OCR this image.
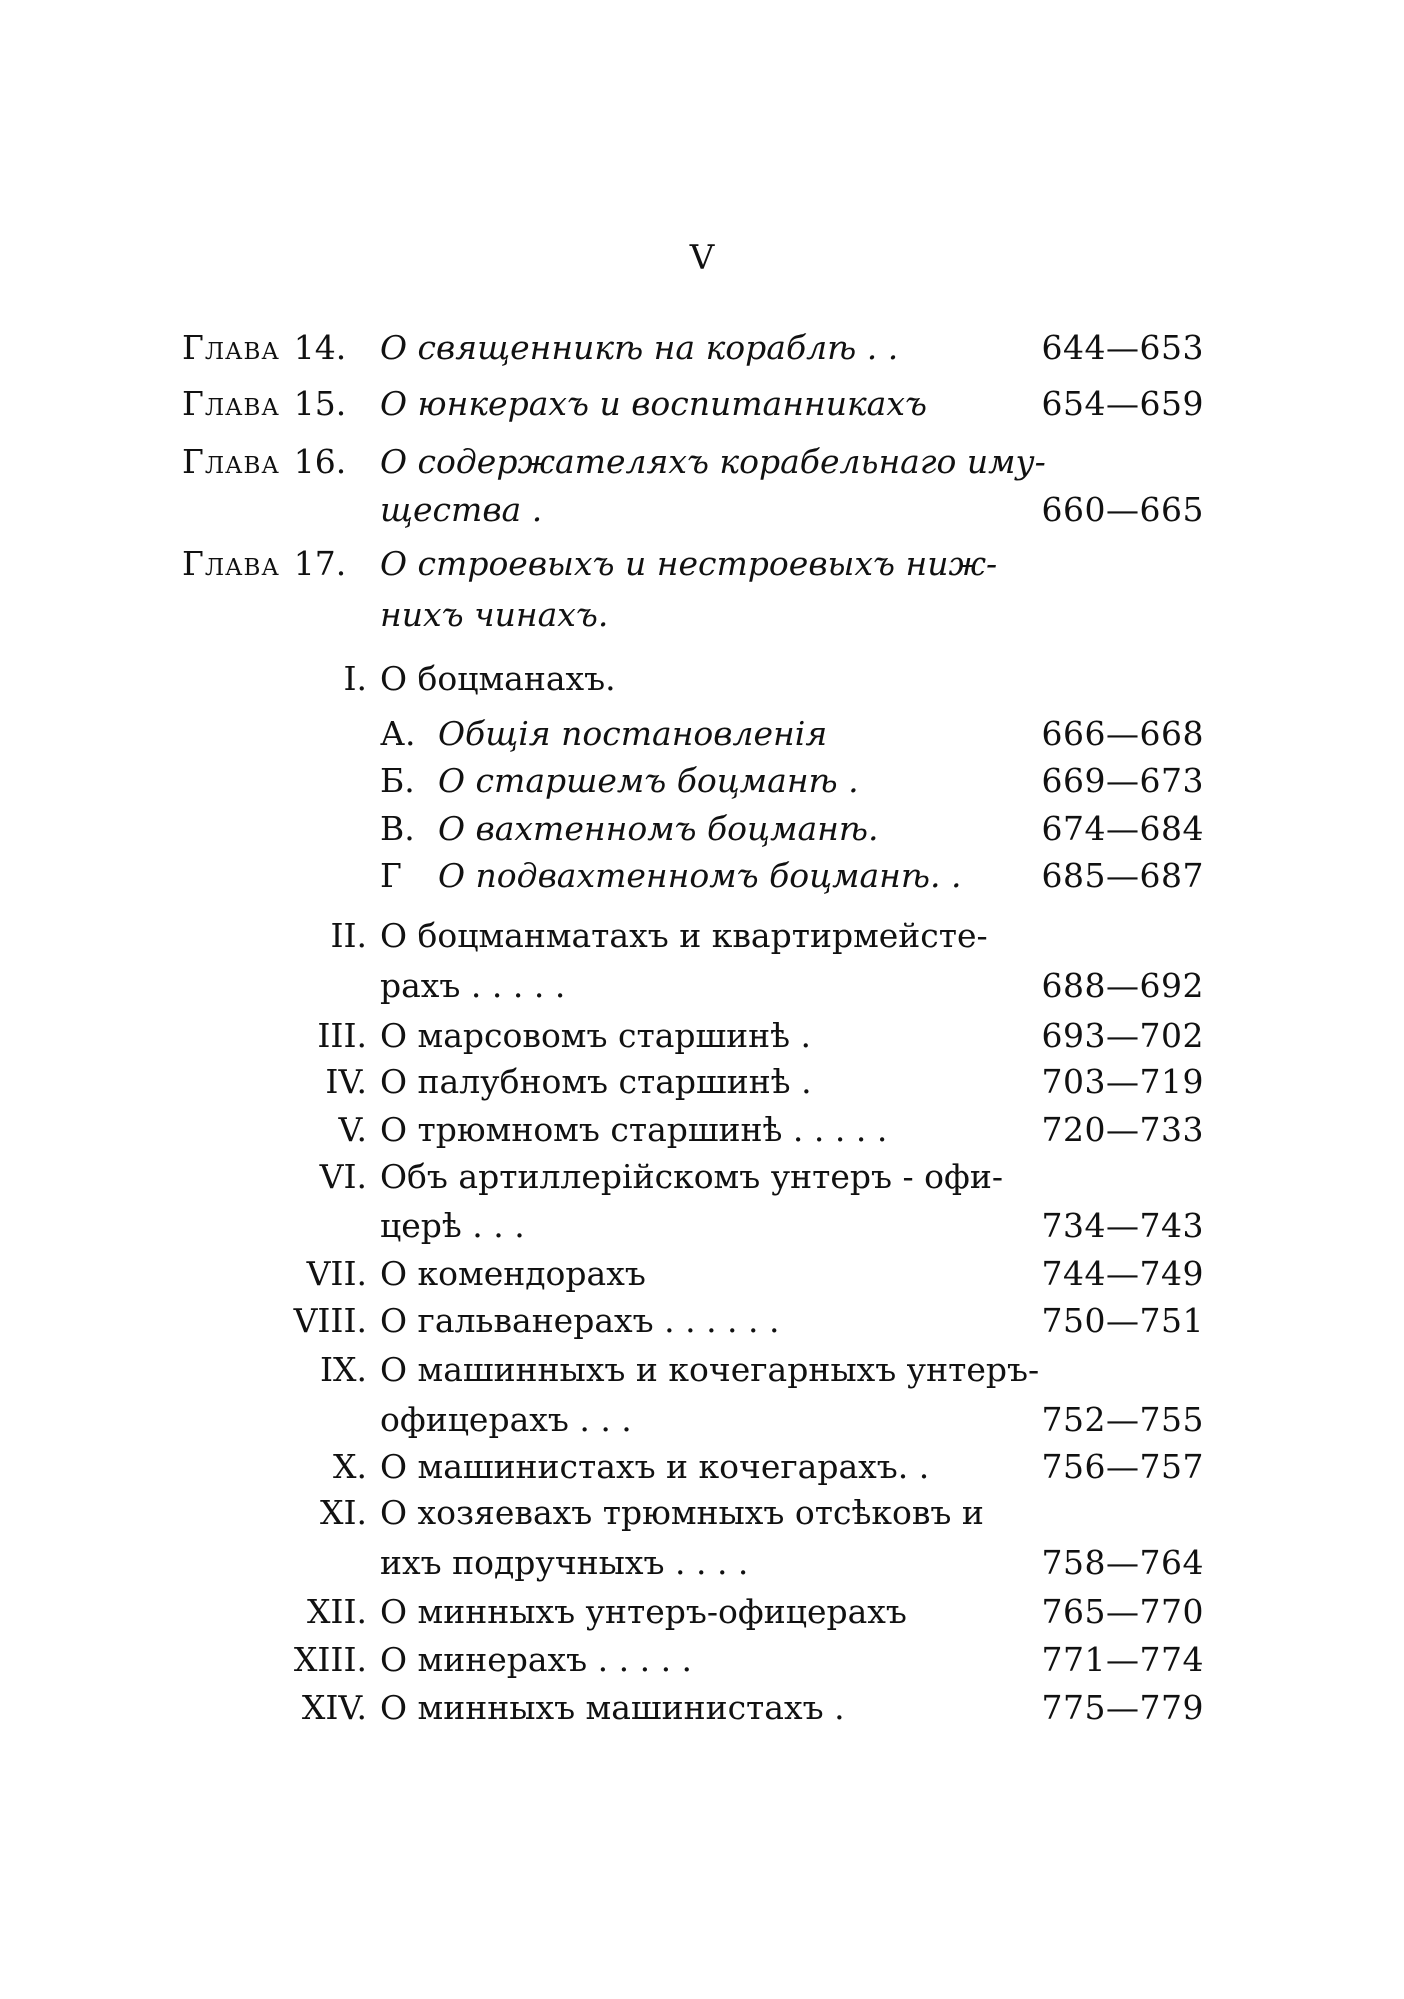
V
Глава 14. О священникѣ на кораблѣ . .	644—653
Глава 15. О юнкерахъ и воспитанникахъ	654—659
Глава 16. О содержателяхъ корабельнаго иму-
щества .	660—665
Глава 17. О строевыхъ и нестроевыхъ ниж-
нихъ чинахъ.
I. О боцманахъ.
А. Общія постановленія	666—668
Б. О старшемъ боцманѣ .	669—673
В. О вахтенномъ боцманѣ.	674—684
Г О подвахтенномъ боцманѣ. . 685—687
II. О боцманматахъ и квартирмейсте-
рахъ . . . . .	688—692
III. О марсовомъ старшинѣ .	693—702
IV. О палубномъ старшинѣ .	703—719
V. О трюмномъ старшинѣ . . . . .	720—733
VI. Объ артиллерійскомъ унтеръ - офи-
церѣ . . .	734—743
VII. О комендорахъ	744—749
VIII. О гальванерахъ . . . . . .	750—751
IX. О машинныхъ и кочегарныхъ унтеръ-
офицерахъ . . .	752—755
X. О машинистахъ и кочегарахъ. .	756—757
XI. О хозяевахъ трюмныхъ отсѣковъ и
ихъ подручныхъ . . . .	758—764
XII. О минныхъ унтеръ-офицерахъ	765—770
XIII. О минерахъ . . . . .	771—774
XIV. О минныхъ машинистахъ .	775—779
